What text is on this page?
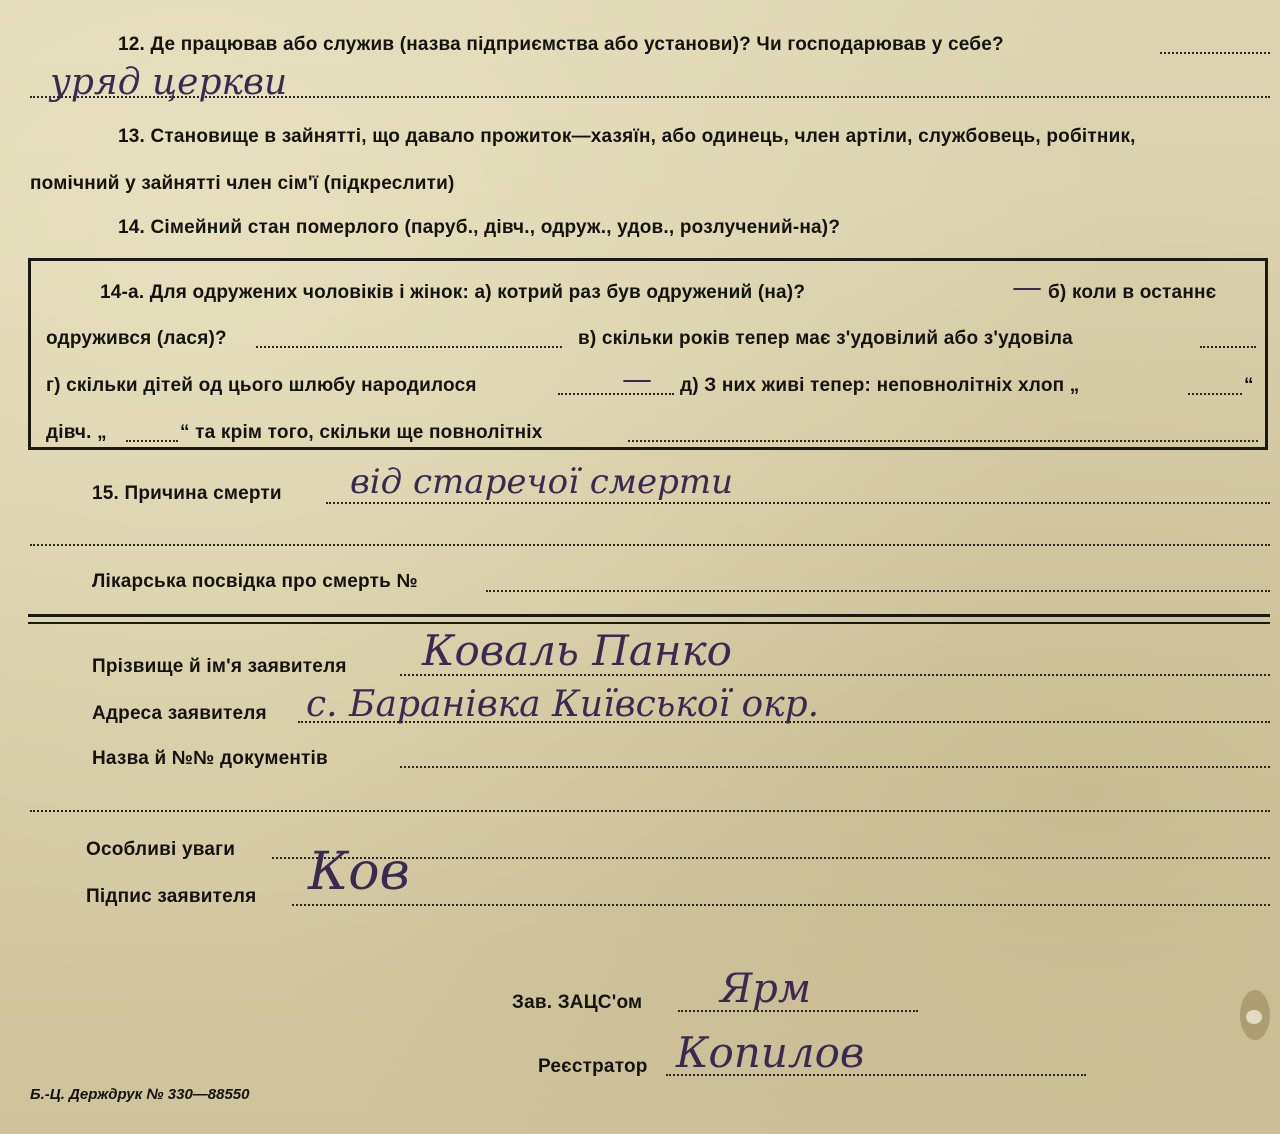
12. Де працював або служив (назва підприємства або установи)? Чи господарював у себе?
уряд церкви
13. Становище в зайнятті, що давало прожиток—хазяїн, або одинець, член артіли, службовець, робітник,
помічний у зайнятті член сім'ї (підкреслити)
14. Сімейний стан померлого (паруб., дівч., одруж., удов., розлучений-на)?
14-а. Для одружених чоловіків і жінок: а) котрий раз був одружений (на)?	— б) коли в останнє
одружився (лася)?	в) скільки років тепер має з'удовілий або з'удовіла
г) скільки дітей од цього шлюбу народилося	— д) З них живі тепер: неповнолітніх хлоп „	“
дівч. „	“ та крім того, скільки ще повнолітніх
15. Причина смерти від старечої смерти
Лікарська посвідка про смерть №
Прізвище й ім'я заявителя Коваль Панко
Адреса заявителя с. Баранівка Київської окр.
Назва й №№ документів
Особливі уваги
Підпис заявителя Ков
Зав. ЗАЦС'ом Ярм
Реєстратор Копилов
Б.-Ц. Держдрук № 330—88550
